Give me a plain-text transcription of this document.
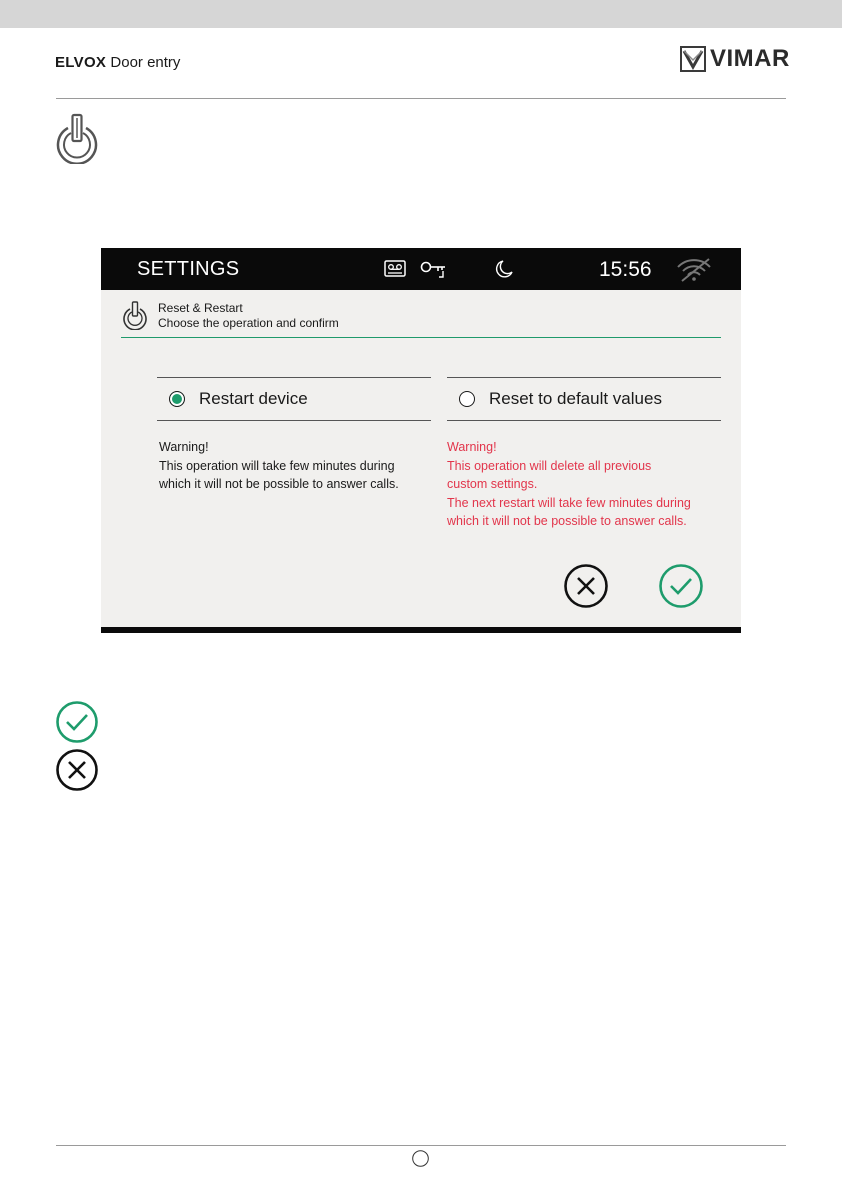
ELVOX Door entry	VIMAR
SETTINGS	15:56
Reset & Restart
Choose the operation and confirm
Restart device	Reset to default values
Warning!
This operation will take few minutes during
which it will not be possible to answer calls.
Warning!
This operation will delete all previous
custom settings.
The next restart will take few minutes during
which it will not be possible to answer calls.
